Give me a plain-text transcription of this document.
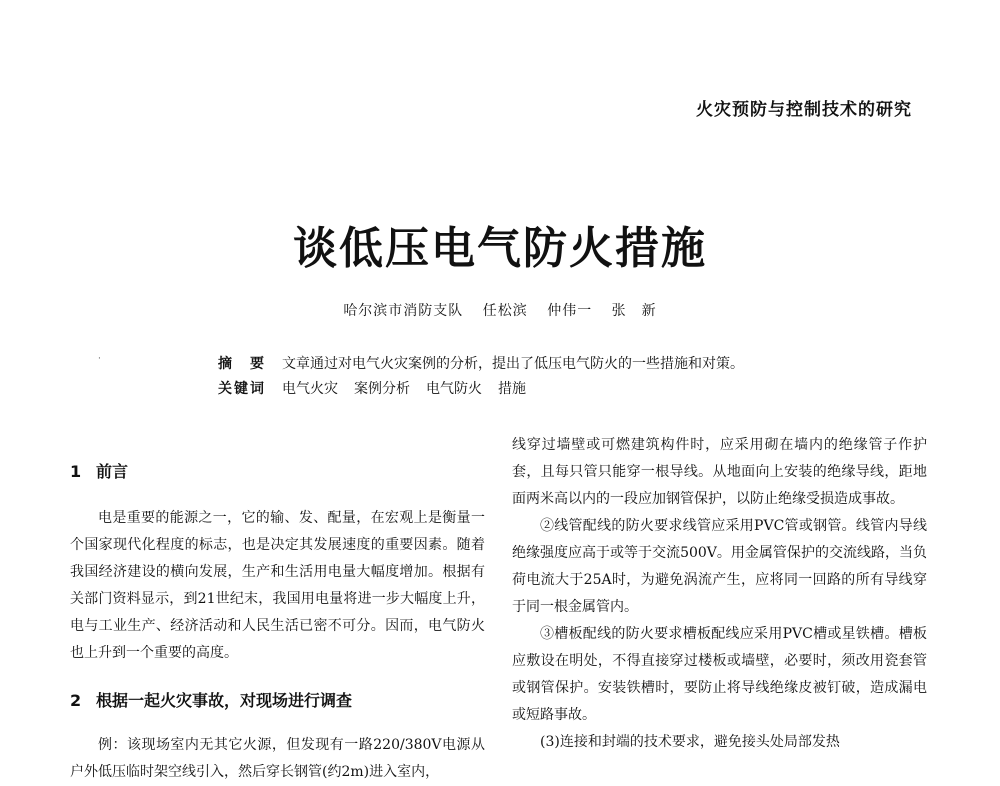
火灾预防与控制技术的研究
谈低压电气防火措施
哈尔滨市消防支队 任松滨 仲伟一 张　新
·	摘　要 文章通过对电气火灾案例的分析，提出了低压电气防火的一些措施和对策。
关键词 电气火灾 案例分析 电气防火 措施

1 前言

电是重要的能源之一，它的输、发、配量，在宏观上是衡量一个国家现代化程度的标志，也是决定其发展速度的重要因素。随着我国经济建设的横向发展，生产和生活用电量大幅度增加。根据有关部门资料显示，到21世纪末，我国用电量将进一步大幅度上升，电与工业生产、经济活动和人民生活已密不可分。因而，电气防火也上升到一个重要的高度。

2 根据一起火灾事故，对现场进行调查

例：该现场室内无其它火源，但发现有一路220/380V电源从户外低压临时架空线引入，然后穿长钢管(约2m)进入室内，

线穿过墙壁或可燃建筑构件时，应采用砌在墙内的绝缘管子作护套，且每只管只能穿一根导线。从地面向上安装的绝缘导线，距地面两米高以内的一段应加钢管保护，以防止绝缘受损造成事故。

②线管配线的防火要求线管应采用PVC管或钢管。线管内导线绝缘强度应高于或等于交流500V。用金属管保护的交流线路，当负荷电流大于25A时，为避免涡流产生，应将同一回路的所有导线穿于同一根金属管内。

③槽板配线的防火要求槽板配线应采用PVC槽或星铁槽。槽板应敷设在明处，不得直接穿过楼板或墙壁，必要时，须改用瓷套管或钢管保护。安装铁槽时，要防止将导线绝缘皮被钉破，造成漏电或短路事故。

(3)连接和封端的技术要求，避免接头处局部发热
